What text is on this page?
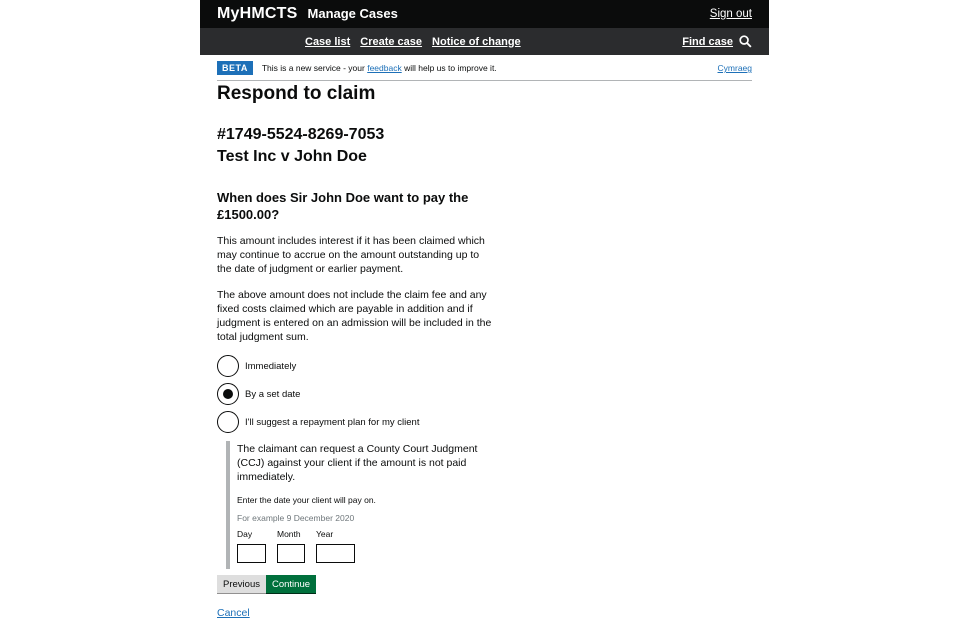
MyHMCTS Manage Cases	Sign out
Case list Create case Notice of change	Find case
BETA	This is a new service - your feedback will help us to improve it.	Cymraeg
Respond to claim
#1749-5524-8269-7053
Test Inc v John Doe
When does Sir John Doe want to pay the £1500.00?

This amount includes interest if it has been claimed which may continue to accrue on the amount outstanding up to the date of judgment or earlier payment.

The above amount does not include the claim fee and any fixed costs claimed which are payable in addition and if judgment is entered on an admission will be included in the total judgment sum.

Immediately
By a set date
I'll suggest a repayment plan for my client

The claimant can request a County Court Judgment (CCJ) against your client if the amount is not paid immediately.

Enter the date your client will pay on.

For example 9 December 2020

Day	Month	Year
Previous	Continue
Cancel
